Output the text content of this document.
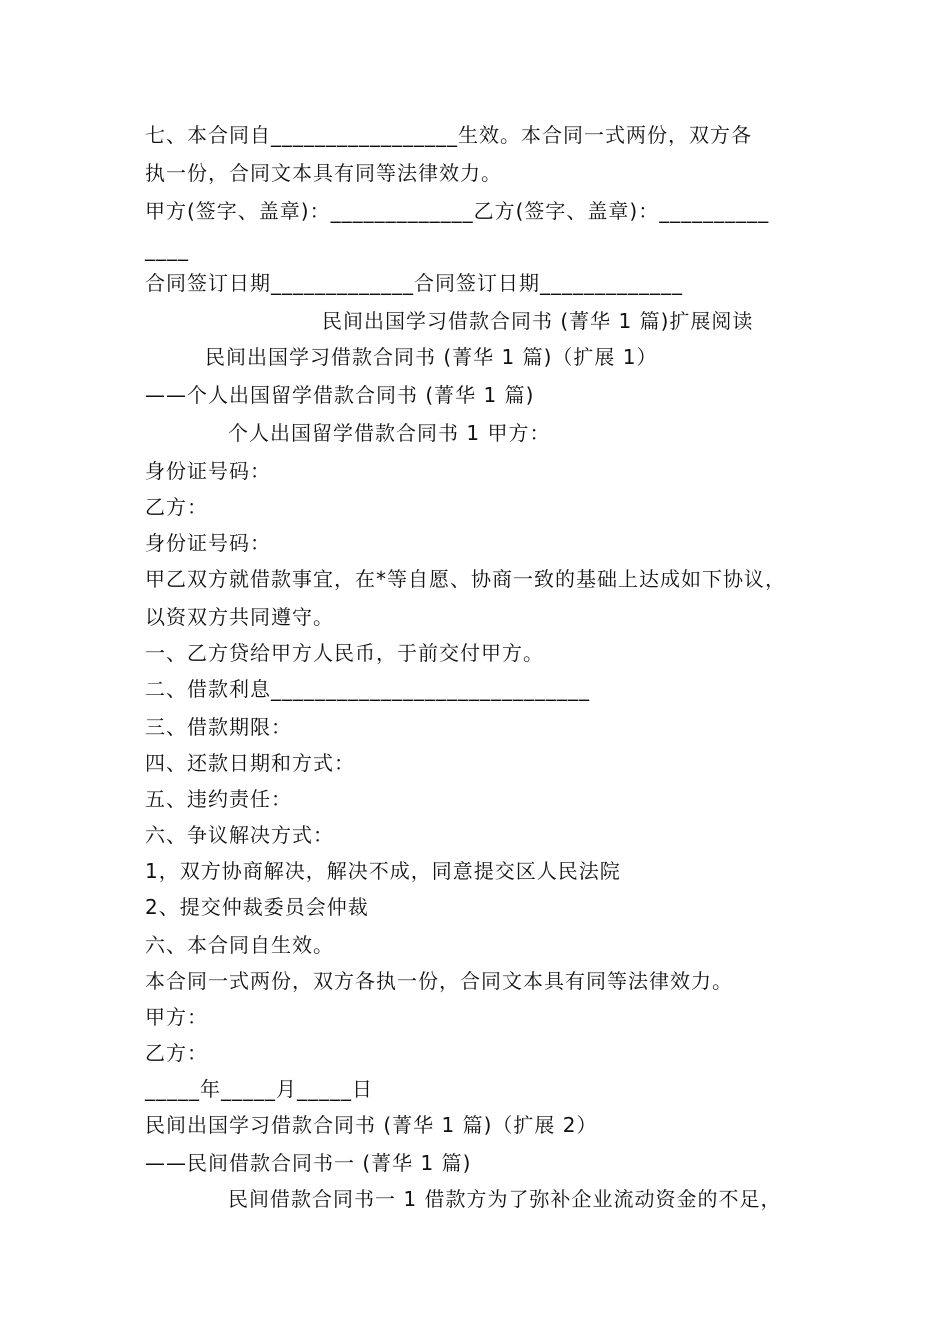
七、本合同自_________________生效。本合同一式两份，双方各
执一份，合同文本具有同等法律效力。
甲方(签字、盖章)：_____________乙方(签字、盖章)：__________
____
合同签订日期_____________合同签订日期_____________
民间出国学习借款合同书 (菁华 1 篇)扩展阅读
民间出国学习借款合同书 (菁华 1 篇)（扩展 1）
——个人出国留学借款合同书 (菁华 1 篇)
个人出国留学借款合同书 1 甲方：
身份证号码：
乙方：
身份证号码：
甲乙双方就借款事宜，在*等自愿、协商一致的基础上达成如下协议，
以资双方共同遵守。
一、乙方贷给甲方人民币，于前交付甲方。
二、借款利息_____________________________
三、借款期限：
四、还款日期和方式：
五、违约责任：
六、争议解决方式：
1，双方协商解决，解决不成，同意提交区人民法院
2、提交仲裁委员会仲裁
六、本合同自生效。
本合同一式两份，双方各执一份，合同文本具有同等法律效力。
甲方：
乙方：
_____年_____月_____日
民间出国学习借款合同书 (菁华 1 篇)（扩展 2）
——民间借款合同书一 (菁华 1 篇)
民间借款合同书一 1 借款方为了弥补企业流动资金的不足，
